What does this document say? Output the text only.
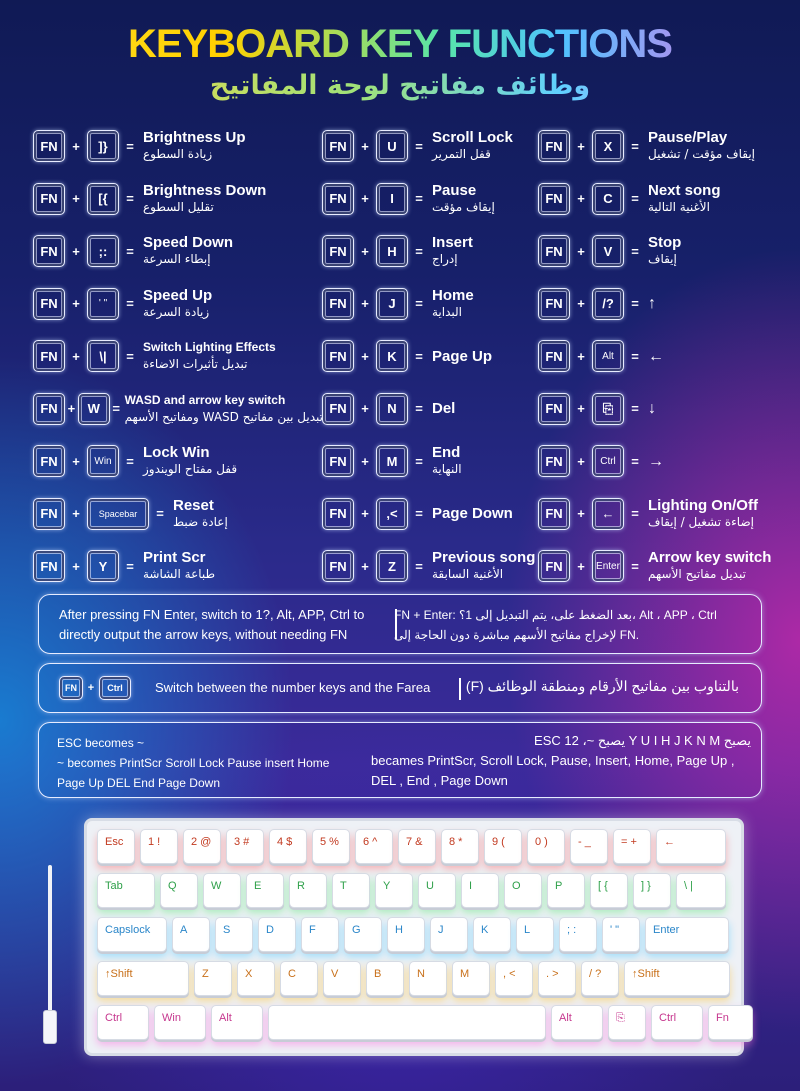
KEYBOARD KEY FUNCTIONS
وظائف مفاتيح لوحة المفاتيح
FN	+	]}	= Brightness Up
زيادة السطوع
FN	+	[{	= Brightness Down
تقليل السطوع
FN	+	;:	= Speed Down
إبطاء السرعة
FN	+	' "	= Speed Up
زيادة السرعة
FN	+	\|	=
Switch Lighting Effects
تبديل تأثيرات الاضاءة
FN + W =
WASD and arrow key switch
تبديل بين مفاتيح WASD ومفاتيح الأسهم
FN	+	Win	= Lock Win
قفل مفتاح الويندوز
FN	+	Spacebar	= Reset
إعادة ضبط
FN	+	Y	= Print Scr
طباعة الشاشة
FN	+	U	= Scroll Lock
قفل التمرير
FN	+	I	= Pause
إيقاف مؤقت
FN	+	H	= Insert
إدراج
FN	+	J	= Home
البداية
FN	+	K	= Page Up
FN	+	N	= Del
FN	+	M	= End
النهاية
FN	+	,<	= Page Down
FN	+	Z	= Previous song
الأغنية السابقة
FN	+	X	= Pause/Play
إيقاف مؤقت / تشغيل
FN	+	C	= Next song
الأغنية التالية
FN	+	V	= Stop
إيقاف
FN	+	/?	= ↑
FN	+	Alt	= ←
FN	+	⎘	= ↓
FN	+	Ctrl	= →
FN	+	←	= Lighting On/Off
إضاءة تشغيل / إيقاف
FN	+	Enter = Arrow key switch
تبديل مفاتيح الأسهم
After pressing FN Enter, switch to 1?, Alt, APP, Ctrl to directly output the arrow keys, without needing FN
FN + Enter: بعد الضغط على، يتم التبديل إلى 1؟، Alt ، APP ، Ctrl لإخراج مفاتيح الأسهم مباشرة دون الحاجة إلى FN.
FN +	Ctrl	Switch between the number keys and the Farea	(F) بالتناوب بين مفاتيح الأرقام ومنطقة الوظائف
ESC becomes ~
~ becomes PrintScr Scroll Lock Pause insert Home
Page Up DEL End Page Down
ESC يصبح ~، 12 Y U I H J K N M يصبح
becames PrintScr, Scroll Lock, Pause, Insert, Home, Page Up ,
DEL , End , Page Down
Esc	1 !	2 @	3 #	4 $	5 %	6 ^	7 &	8 *	9 (	0 )	- _	= +	←
Tab	Q	W	E	R	T	Y	U	I	O	P	[ {	] }	\ |
Capslock	A	S	D	F	G	H	J	K	L	; :	' "	Enter
↑Shift	Z	X	C	V	B	N	M	, <	. >	/ ?	↑Shift
Ctrl	Win	Alt	Alt	⎘	Ctrl	Fn
